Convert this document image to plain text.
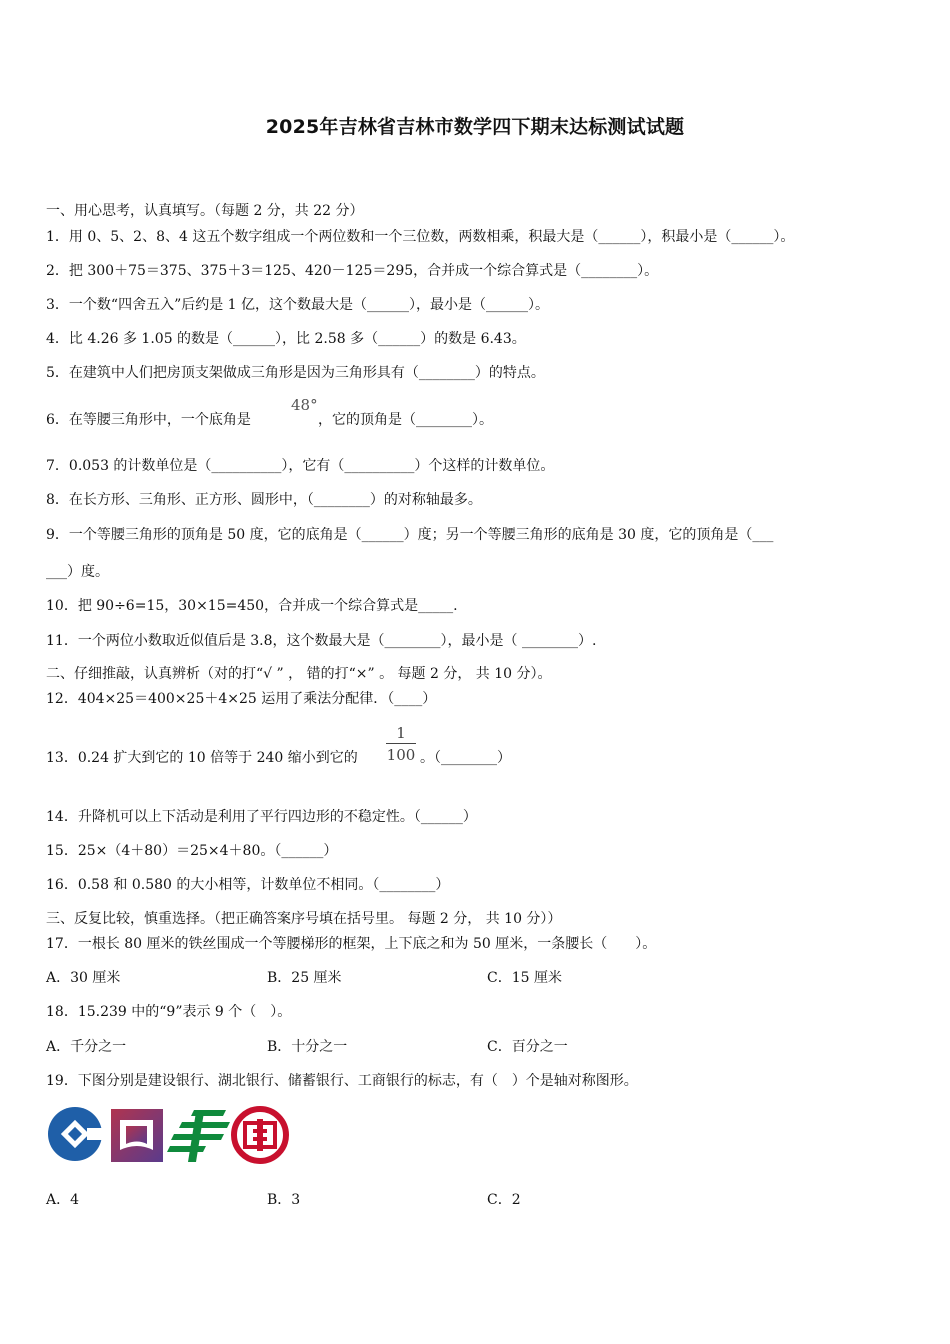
2025年吉林省吉林市数学四下期末达标测试试题
一、用心思考，认真填写。（每题 2 分，共 22 分）
1．用 0、5、2、8、4 这五个数字组成一个两位数和一个三位数，两数相乘，积最大是（______），积最小是（______）。
2．把 300＋75＝375、375＋3＝125、420－125＝295，合并成一个综合算式是（________）。
3．一个数“四舍五入”后约是 1 亿，这个数最大是（______），最小是（______）。
4．比 4.26 多 1.05 的数是（______），比 2.58 多（______）的数是 6.43。
5．在建筑中人们把房顶支架做成三角形是因为三角形具有（________）的特点。
6．在等腰三角形中，一个底角是
48°
，它的顶角是（________）。
7．0.053 的计数单位是（__________），它有（__________）个这样的计数单位。
8．在长方形、三角形、正方形、圆形中，（________）的对称轴最多。
9．一个等腰三角形的顶角是 50 度，它的底角是（______）度；另一个等腰三角形的底角是 30 度，它的顶角是（___
___）度。
10．把 90÷6=15，30×15=450，合并成一个综合算式是_____.
11．一个两位小数取近似值后是 3.8，这个数最大是（________），最小是（ ________）.
二、仔细推敲，认真辨析（对的打“√ ” ， 错的打“×” 。 每题 2 分， 共 10 分）。
12．404×25＝400×25＋4×25 运用了乘法分配律．（____）
13．0.24 扩大到它的 10 倍等于 240 缩小到它的
1
100 。（________）
14．升降机可以上下活动是利用了平行四边形的不稳定性。（______）
15．25×（4＋80）＝25×4＋80。（______）
16．0.58 和 0.580 的大小相等，计数单位不相同。（________）
三、反复比较，慎重选择。（把正确答案序号填在括号里。 每题 2 分， 共 10 分））
17．一根长 80 厘米的铁丝围成一个等腰梯形的框架，上下底之和为 50 厘米，一条腰长（　　）。
A．30 厘米	B．25 厘米	C．15 厘米
18．15.239 中的“9”表示 9 个（　）。
A．千分之一	B．十分之一	C．百分之一
19．下图分别是建设银行、湖北银行、储蓄银行、工商银行的标志，有（　）个是轴对称图形。
A．4	B．3	C．2
